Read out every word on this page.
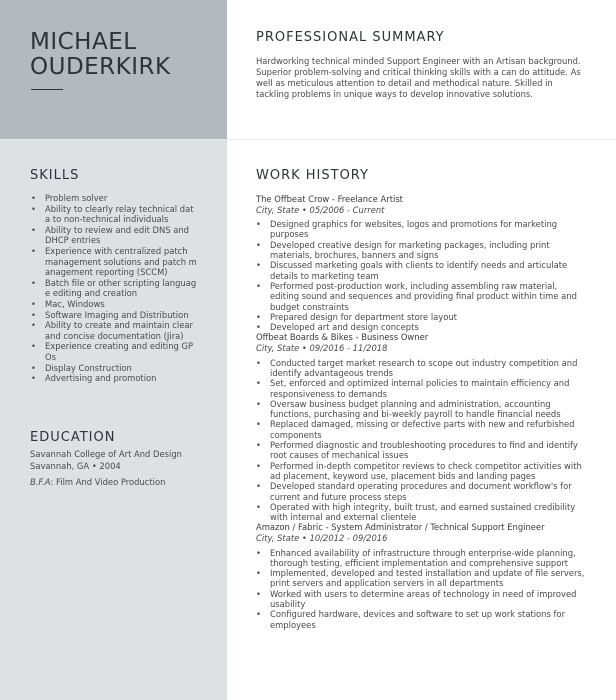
MICHAEL
OUDERKIRK
PROFESSIONAL SUMMARY
Hardworking technical minded Support Engineer with an Artisan background. Superior problem-solving and critical thinking skills with a can do attitude. As well as meticulous attention to detail and methodical nature. Skilled in tackling problems in unique ways to develop innovative solutions.
SKILLS
• Problem solver
• Ability to clearly relay technical data to non-technical individuals
• Ability to review and edit DNS and DHCP entries
• Experience with centralized patch management solutions and patch management reporting (SCCM)
• Batch file or other scripting language editing and creation
• Mac, Windows
• Software Imaging and Distribution
• Ability to create and maintain clear and concise documentation (Jira)
• Experience creating and editing GPOs
• Display Construction
• Advertising and promotion
EDUCATION
Savannah College of Art And Design
Savannah, GA • 2004
B.F.A: Film And Video Production
WORK HISTORY
The Offbeat Crow - Freelance Artist
City, State • 05/2006 - Current
• Designed graphics for websites, logos and promotions for marketing purposes
• Developed creative design for marketing packages, including print materials, brochures, banners and signs
• Discussed marketing goals with clients to identify needs and articulate details to marketing team
• Performed post-production work, including assembling raw material, editing sound and sequences and providing final product within time and budget constraints
• Prepared design for department store layout
• Developed art and design concepts
Offbeat Boards & Bikes - Business Owner
City, State • 09/2016 - 11/2018
• Conducted target market research to scope out industry competition and identify advantageous trends
• Set, enforced and optimized internal policies to maintain efficiency and responsiveness to demands
• Oversaw business budget planning and administration, accounting functions, purchasing and bi-weekly payroll to handle financial needs
• Replaced damaged, missing or defective parts with new and refurbished components
• Performed diagnostic and troubleshooting procedures to find and identify root causes of mechanical issues
• Performed in-depth competitor reviews to check competitor activities with ad placement, keyword use, placement bids and landing pages
• Developed standard operating procedures and document workflow's for current and future process steps
• Operated with high integrity, built trust, and earned sustained credibility with internal and external clientele
Amazon / Fabric - System Administrator / Technical Support Engineer
City, State • 10/2012 - 09/2016
• Enhanced availability of infrastructure through enterprise-wide planning, thorough testing, efficient implementation and comprehensive support
• Implemented, developed and tested installation and update of file servers, print servers and application servers in all departments
• Worked with users to determine areas of technology in need of improved usability
• Configured hardware, devices and software to set up work stations for employees
